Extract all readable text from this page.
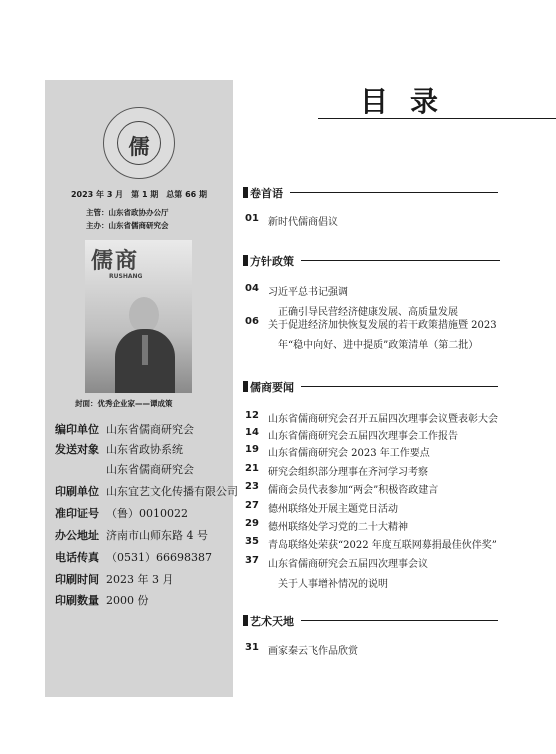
儒
2023 年 3 月　第 1 期　总第 66 期
主管：山东省政协办公厅
主办：山东省儒商研究会
儒商
RUSHANG
封面：优秀企业家——谭成策
编印单位 山东省儒商研究会
发送对象 山东省政协系统
山东省儒商研究会
印刷单位 山东宜艺文化传播有限公司
准印证号 （鲁）0010022
办公地址 济南市山师东路 4 号
电话传真 （0531）66698387
印刷时间 2023 年 3 月
印刷数量 2000 份
目录
卷首语
01 新时代儒商倡议
方针政策
04 习近平总书记强调
正确引导民营经济健康发展、高质量发展
06 关于促进经济加快恢复发展的若干政策措施暨 2023
年“稳中向好、进中提质”政策清单（第二批）
儒商要闻
12 山东省儒商研究会召开五届四次理事会议暨表彰大会
14 山东省儒商研究会五届四次理事会工作报告
19 山东省儒商研究会 2023 年工作要点
21 研究会组织部分理事在齐河学习考察
23 儒商会员代表参加“两会”积极咨政建言
27 德州联络处开展主题党日活动
29 德州联络处学习党的二十大精神
35 青岛联络处荣获“2022 年度互联网募捐最佳伙伴奖”
37 山东省儒商研究会五届四次理事会议
关于人事增补情况的说明
艺术天地
31 画家秦云飞作品欣赏
